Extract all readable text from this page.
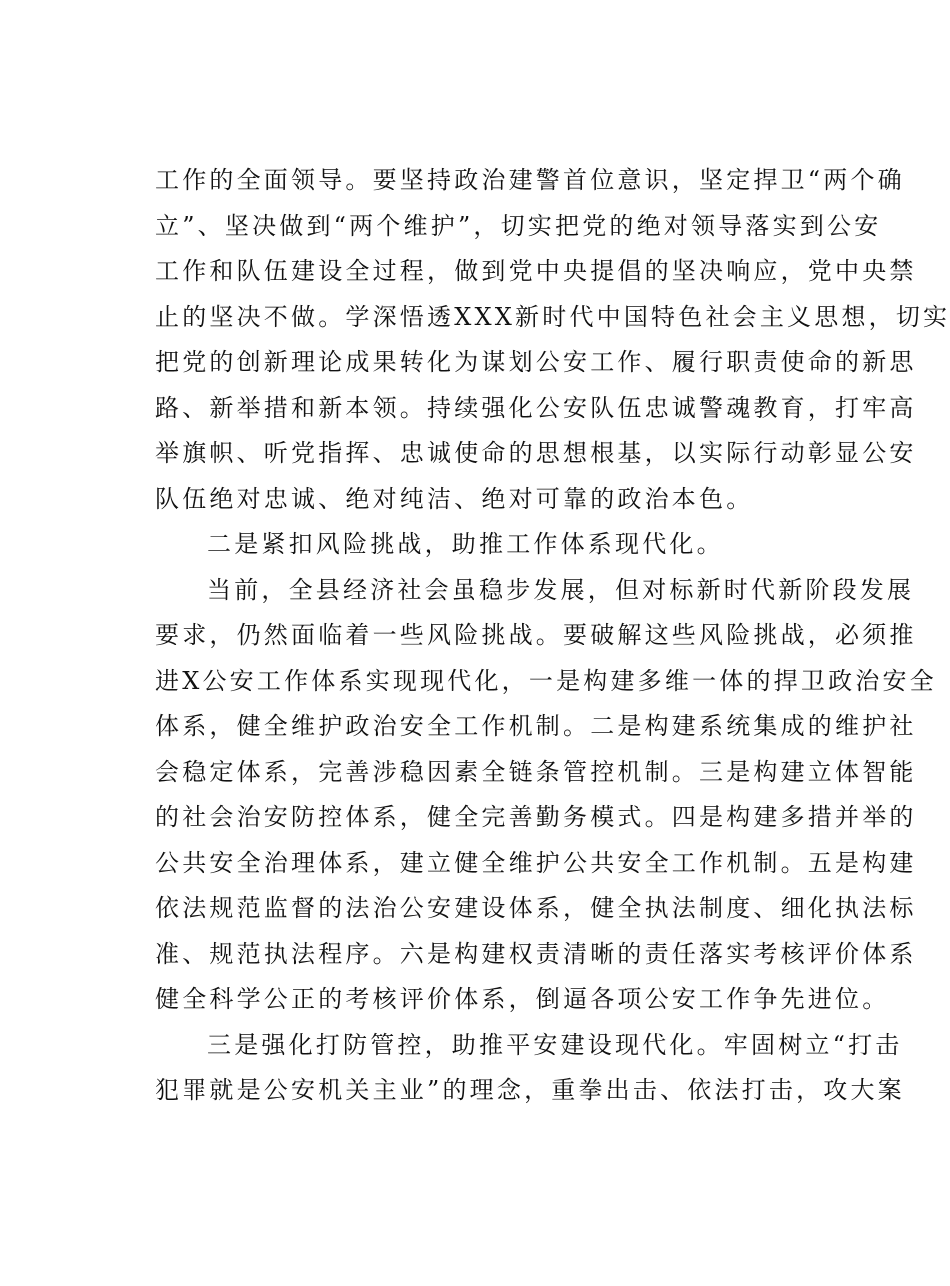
工作的全面领导。要坚持政治建警首位意识，坚定捍卫“两个确
立”、坚决做到“两个维护”，切实把党的绝对领导落实到公安
工作和队伍建设全过程，做到党中央提倡的坚决响应，党中央禁
止的坚决不做。学深悟透XXX新时代中国特色社会主义思想，切实
把党的创新理论成果转化为谋划公安工作、履行职责使命的新思
路、新举措和新本领。持续强化公安队伍忠诚警魂教育，打牢高
举旗帜、听党指挥、忠诚使命的思想根基，以实际行动彰显公安
队伍绝对忠诚、绝对纯洁、绝对可靠的政治本色。
二是紧扣风险挑战，助推工作体系现代化。
当前，全县经济社会虽稳步发展，但对标新时代新阶段发展
要求，仍然面临着一些风险挑战。要破解这些风险挑战，必须推
进X公安工作体系实现现代化，一是构建多维一体的捍卫政治安全
体系，健全维护政治安全工作机制。二是构建系统集成的维护社
会稳定体系，完善涉稳因素全链条管控机制。三是构建立体智能
的社会治安防控体系，健全完善勤务模式。四是构建多措并举的
公共安全治理体系，建立健全维护公共安全工作机制。五是构建
依法规范监督的法治公安建设体系，健全执法制度、细化执法标
准、规范执法程序。六是构建权责清晰的责任落实考核评价体系
健全科学公正的考核评价体系，倒逼各项公安工作争先进位。
三是强化打防管控，助推平安建设现代化。牢固树立“打击
犯罪就是公安机关主业”的理念，重拳出击、依法打击，攻大案
